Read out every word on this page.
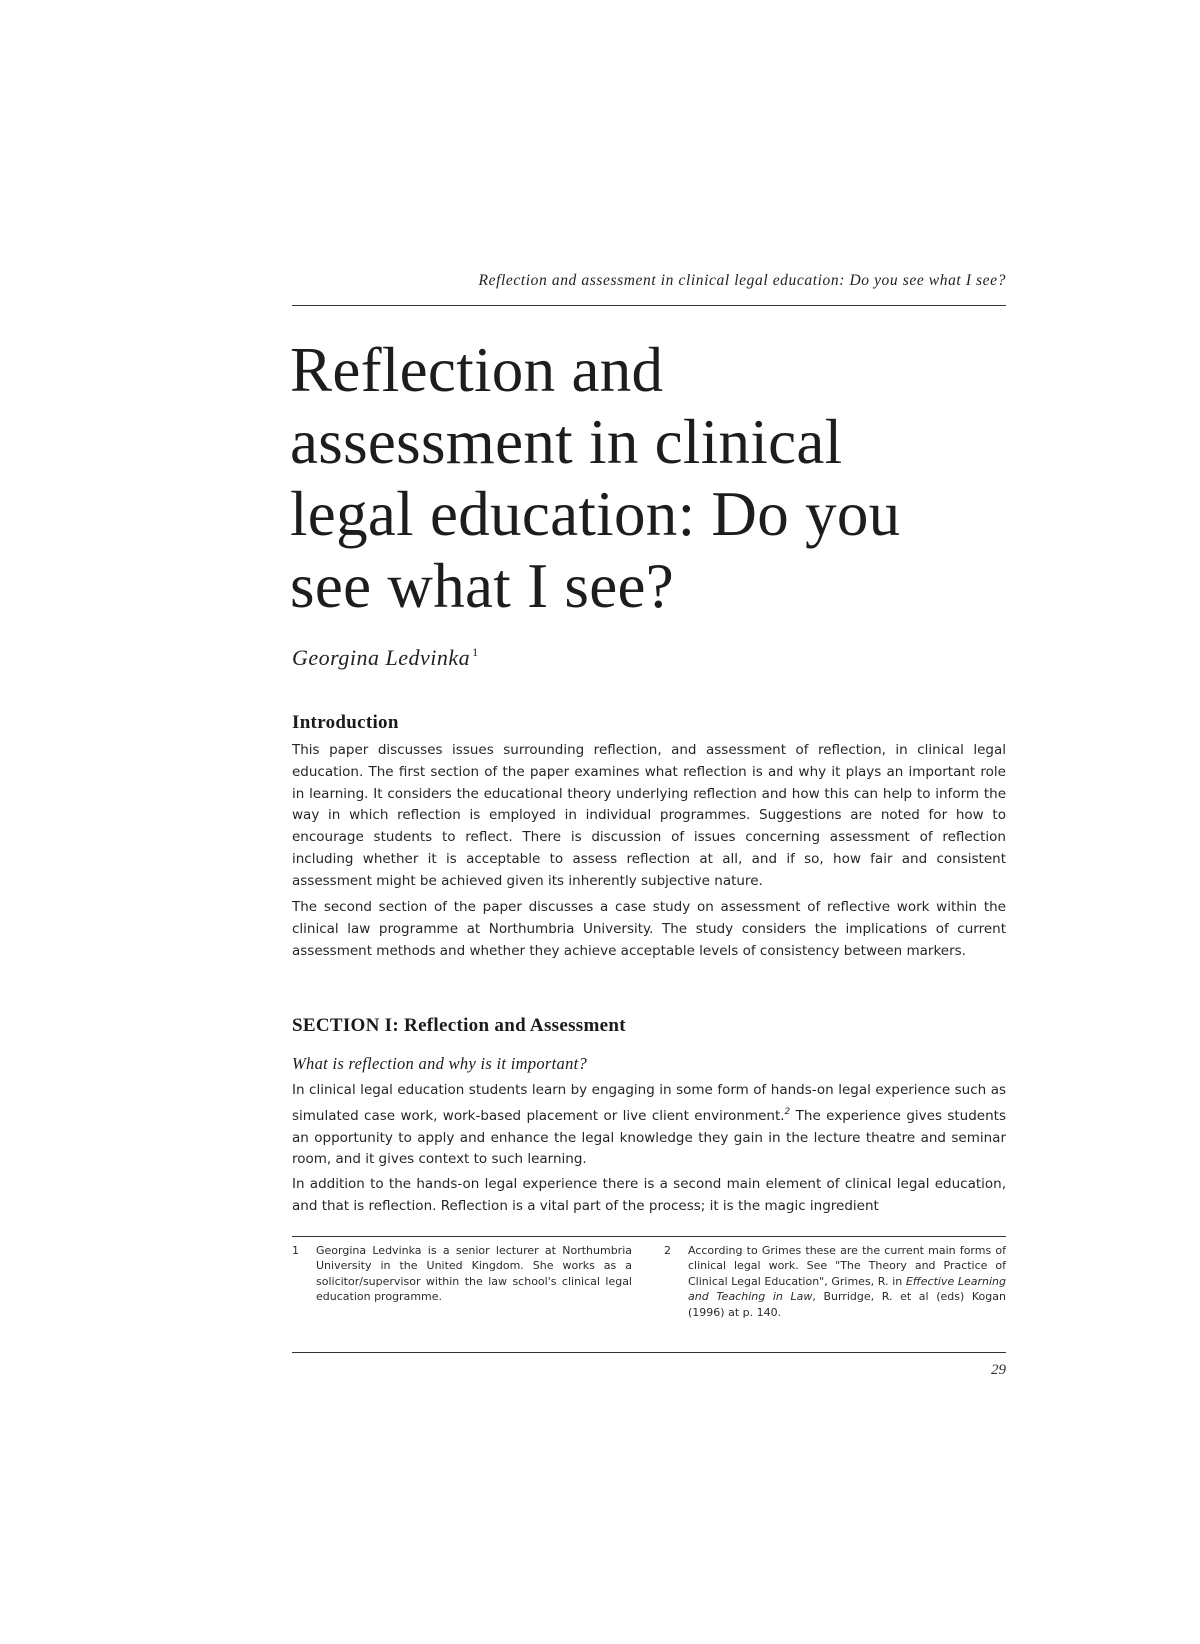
Reflection and assessment in clinical legal education: Do you see what I see?
Reflection and
assessment in clinical
legal education: Do you
see what I see?
Georgina Ledvinka $^1$
Introduction

This paper discusses issues surrounding reflection, and assessment of reflection, in clinical legal education. The first section of the paper examines what reflection is and why it plays an important role in learning. It considers the educational theory underlying reflection and how this can help to inform the way in which reflection is employed in individual programmes. Suggestions are noted for how to encourage students to reflect. There is discussion of issues concerning assessment of reflection including whether it is acceptable to assess reflection at all, and if so, how fair and consistent assessment might be achieved given its inherently subjective nature.

The second section of the paper discusses a case study on assessment of reflective work within the clinical law programme at Northumbria University. The study considers the implications of current assessment methods and whether they achieve acceptable levels of consistency between markers.

SECTION I: Reflection and Assessment
What is reflection and why is it important?

In clinical legal education students learn by engaging in some form of hands-on legal experience such as simulated case work, work-based placement or live client environment.$^2$ The experience gives students an opportunity to apply and enhance the legal knowledge they gain in the lecture theatre and seminar room, and it gives context to such learning.

In addition to the hands-on legal experience there is a second main element of clinical legal education, and that is reflection. Reflection is a vital part of the process; it is the magic ingredient

1 Georgina Ledvinka is a senior lecturer at Northumbria University in the United Kingdom. She works as a solicitor/supervisor within the law school's clinical legal education programme.
2 According to Grimes these are the current main forms of clinical legal work. See "The Theory and Practice of Clinical Legal Education", Grimes, R. in Effective Learning and Teaching in Law, Burridge, R. et al (eds) Kogan (1996) at p. 140.
29
